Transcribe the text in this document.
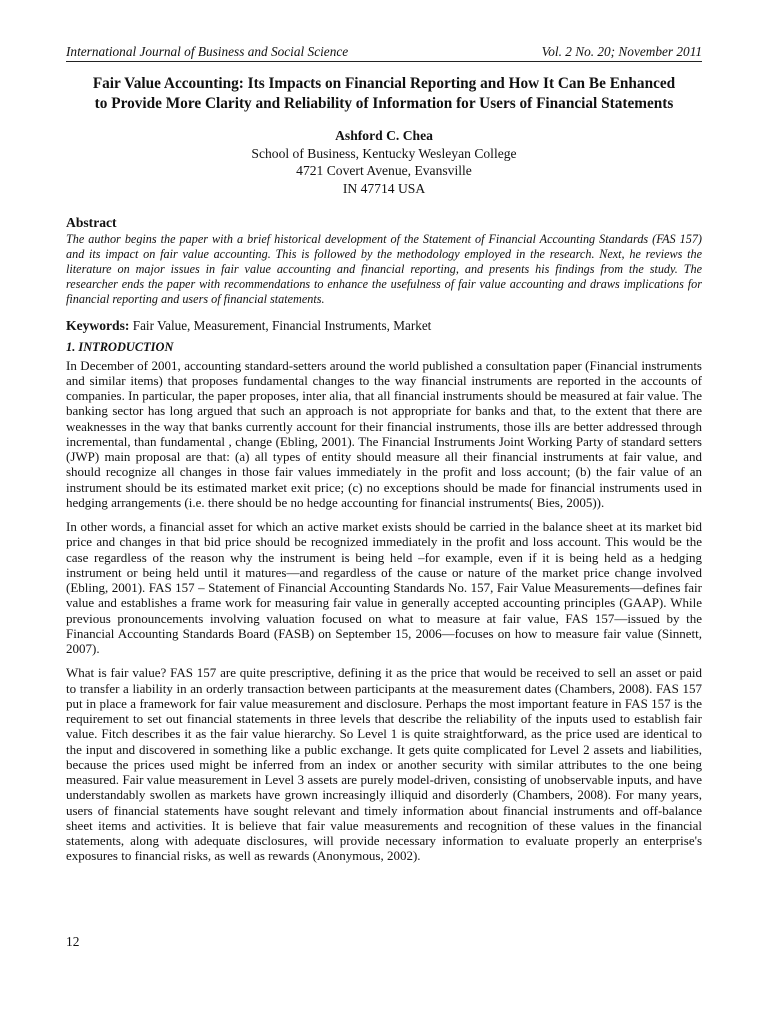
International Journal of Business and Social Science	Vol. 2 No. 20; November 2011
Fair Value Accounting: Its Impacts on Financial Reporting and How It Can Be Enhanced
to Provide More Clarity and Reliability of Information for Users of Financial Statements
Ashford C. Chea
School of Business, Kentucky Wesleyan College
4721 Covert Avenue, Evansville
IN 47714 USA
Abstract

The author begins the paper with a brief historical development of the Statement of Financial Accounting Standards (FAS 157) and its impact on fair value accounting. This is followed by the methodology employed in the research. Next, he reviews the literature on major issues in fair value accounting and financial reporting, and presents his findings from the study. The researcher ends the paper with recommendations to enhance the usefulness of fair value accounting and draws implications for financial reporting and users of financial statements.

Keywords: Fair Value, Measurement, Financial Instruments, Market
1. INTRODUCTION

In December of 2001, accounting standard-setters around the world published a consultation paper (Financial instruments and similar items) that proposes fundamental changes to the way financial instruments are reported in the accounts of companies. In particular, the paper proposes, inter alia, that all financial instruments should be measured at fair value. The banking sector has long argued that such an approach is not appropriate for banks and that, to the extent that there are weaknesses in the way that banks currently account for their financial instruments, those ills are better addressed through incremental, than fundamental , change (Ebling, 2001). The Financial Instruments Joint Working Party of standard setters (JWP) main proposal are that: (a) all types of entity should measure all their financial instruments at fair value, and should recognize all changes in those fair values immediately in the profit and loss account; (b) the fair value of an instrument should be its estimated market exit price; (c) no exceptions should be made for financial instruments used in hedging arrangements (i.e. there should be no hedge accounting for financial instruments( Bies, 2005)).

In other words, a financial asset for which an active market exists should be carried in the balance sheet at its market bid price and changes in that bid price should be recognized immediately in the profit and loss account. This would be the case regardless of the reason why the instrument is being held –for example, even if it is being held as a hedging instrument or being held until it matures—and regardless of the cause or nature of the market price change involved (Ebling, 2001). FAS 157 – Statement of Financial Accounting Standards No. 157, Fair Value Measurements—defines fair value and establishes a frame work for measuring fair value in generally accepted accounting principles (GAAP). While previous pronouncements involving valuation focused on what to measure at fair value, FAS 157—issued by the Financial Accounting Standards Board (FASB) on September 15, 2006—focuses on how to measure fair value (Sinnett, 2007).

What is fair value? FAS 157 are quite prescriptive, defining it as the price that would be received to sell an asset or paid to transfer a liability in an orderly transaction between participants at the measurement dates (Chambers, 2008). FAS 157 put in place a framework for fair value measurement and disclosure. Perhaps the most important feature in FAS 157 is the requirement to set out financial statements in three levels that describe the reliability of the inputs used to establish fair value. Fitch describes it as the fair value hierarchy. So Level 1 is quite straightforward, as the price used are identical to the input and discovered in something like a public exchange. It gets quite complicated for Level 2 assets and liabilities, because the prices used might be inferred from an index or another security with similar attributes to the one being measured. Fair value measurement in Level 3 assets are purely model-driven, consisting of unobservable inputs, and have understandably swollen as markets have grown increasingly illiquid and disorderly (Chambers, 2008). For many years, users of financial statements have sought relevant and timely information about financial instruments and off-balance sheet items and activities. It is believe that fair value measurements and recognition of these values in the financial statements, along with adequate disclosures, will provide necessary information to evaluate properly an enterprise's exposures to financial risks, as well as rewards (Anonymous, 2002).

12
